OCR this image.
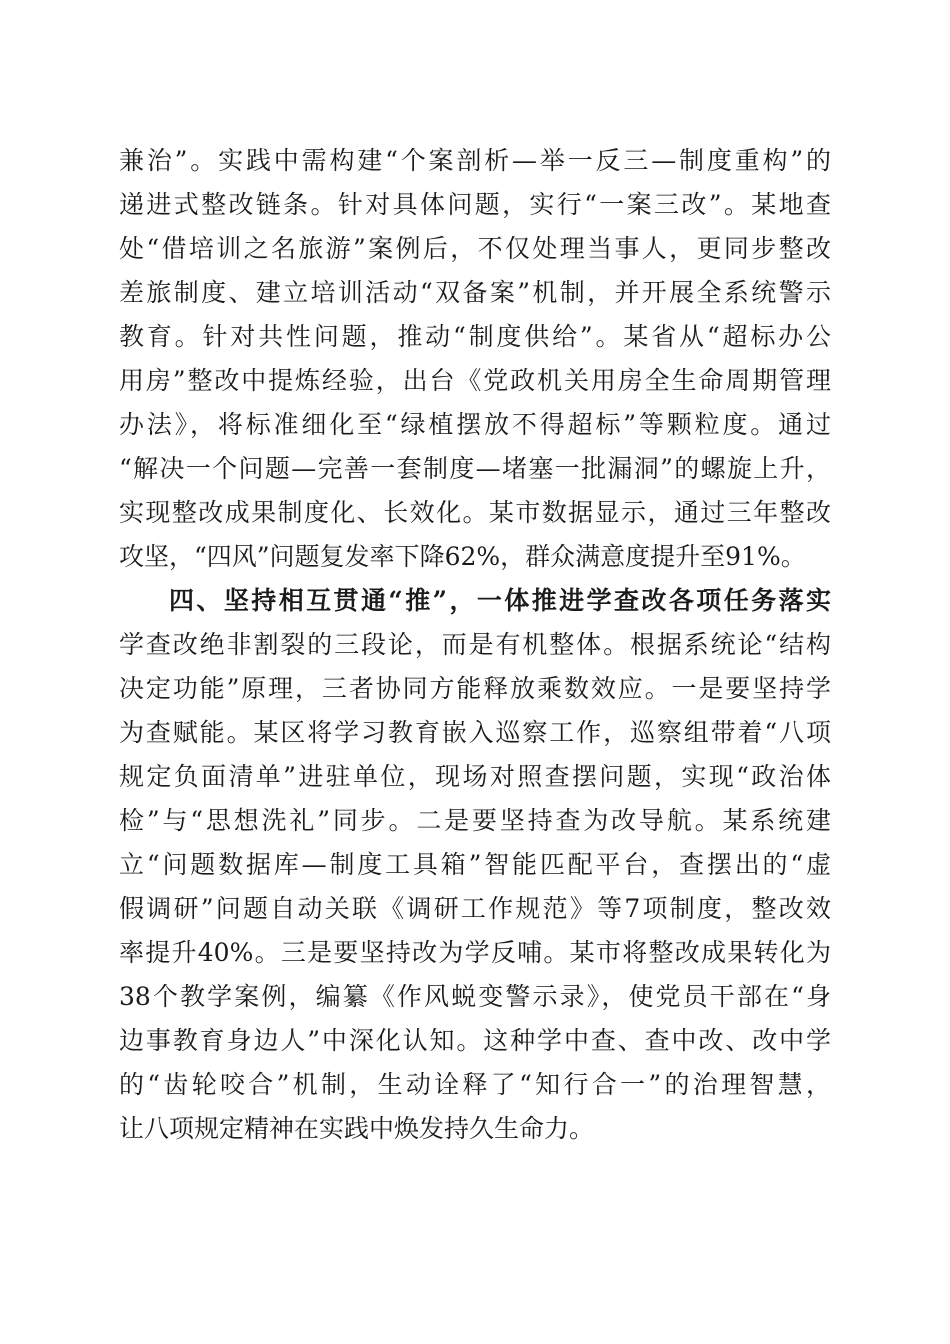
兼治”。实践中需构建“个案剖析—举一反三—制度重构”的
递进式整改链条。针对具体问题，实行“一案三改”。某地查
处“借培训之名旅游”案例后，不仅处理当事人，更同步整改
差旅制度、建立培训活动“双备案”机制，并开展全系统警示
教育。针对共性问题，推动“制度供给”。某省从“超标办公
用房”整改中提炼经验，出台《党政机关用房全生命周期管理
办法》，将标准细化至“绿植摆放不得超标”等颗粒度。通过
“解决一个问题—完善一套制度—堵塞一批漏洞”的螺旋上升，
实现整改成果制度化、长效化。某市数据显示，通过三年整改
攻坚，“四风”问题复发率下降62%，群众满意度提升至91%。
四、坚持相互贯通“推”，一体推进学查改各项任务落实
学查改绝非割裂的三段论，而是有机整体。根据系统论“结构
决定功能”原理，三者协同方能释放乘数效应。一是要坚持学
为查赋能。某区将学习教育嵌入巡察工作，巡察组带着“八项
规定负面清单”进驻单位，现场对照查摆问题，实现“政治体
检”与“思想洗礼”同步。二是要坚持查为改导航。某系统建
立“问题数据库—制度工具箱”智能匹配平台，查摆出的“虚
假调研”问题自动关联《调研工作规范》等7项制度，整改效
率提升40%。三是要坚持改为学反哺。某市将整改成果转化为
38个教学案例，编纂《作风蜕变警示录》，使党员干部在“身
边事教育身边人”中深化认知。这种学中查、查中改、改中学
的“齿轮咬合”机制，生动诠释了“知行合一”的治理智慧，
让八项规定精神在实践中焕发持久生命力。
